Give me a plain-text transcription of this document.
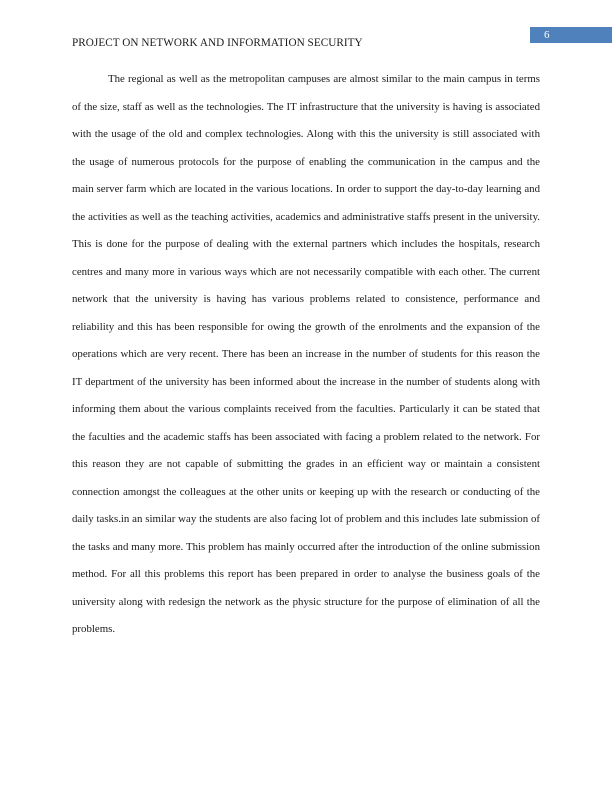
6
PROJECT ON NETWORK AND INFORMATION SECURITY

The regional as well as the metropolitan campuses are almost similar to the main campus in terms of the size, staff as well as the technologies. The IT infrastructure that the university is having is associated with the usage of the old and complex technologies. Along with this the university is still associated with the usage of numerous protocols for the purpose of enabling the communication in the campus and the main server farm which are located in the various locations. In order to support the day-to-day learning and the activities as well as the teaching activities, academics and administrative staffs present in the university. This is done for the purpose of dealing with the external partners which includes the hospitals, research centres and many more in various ways which are not necessarily compatible with each other. The current network that the university is having has various problems related to consistence, performance and reliability and this has been responsible for owing the growth of the enrolments and the expansion of the operations which are very recent. There has been an increase in the number of students for this reason the IT department of the university has been informed about the increase in the number of students along with informing them about the various complaints received from the faculties. Particularly it can be stated that the faculties and the academic staffs has been associated with facing a problem related to the network. For this reason they are not capable of submitting the grades in an efficient way or maintain a consistent connection amongst the colleagues at the other units or keeping up with the research or conducting of the daily tasks.in an similar way the students are also facing lot of problem and this includes late submission of the tasks and many more. This problem has mainly occurred after the introduction of the online submission method. For all this problems this report has been prepared in order to analyse the business goals of the university along with redesign the network as the physic structure for the purpose of elimination of all the problems.
